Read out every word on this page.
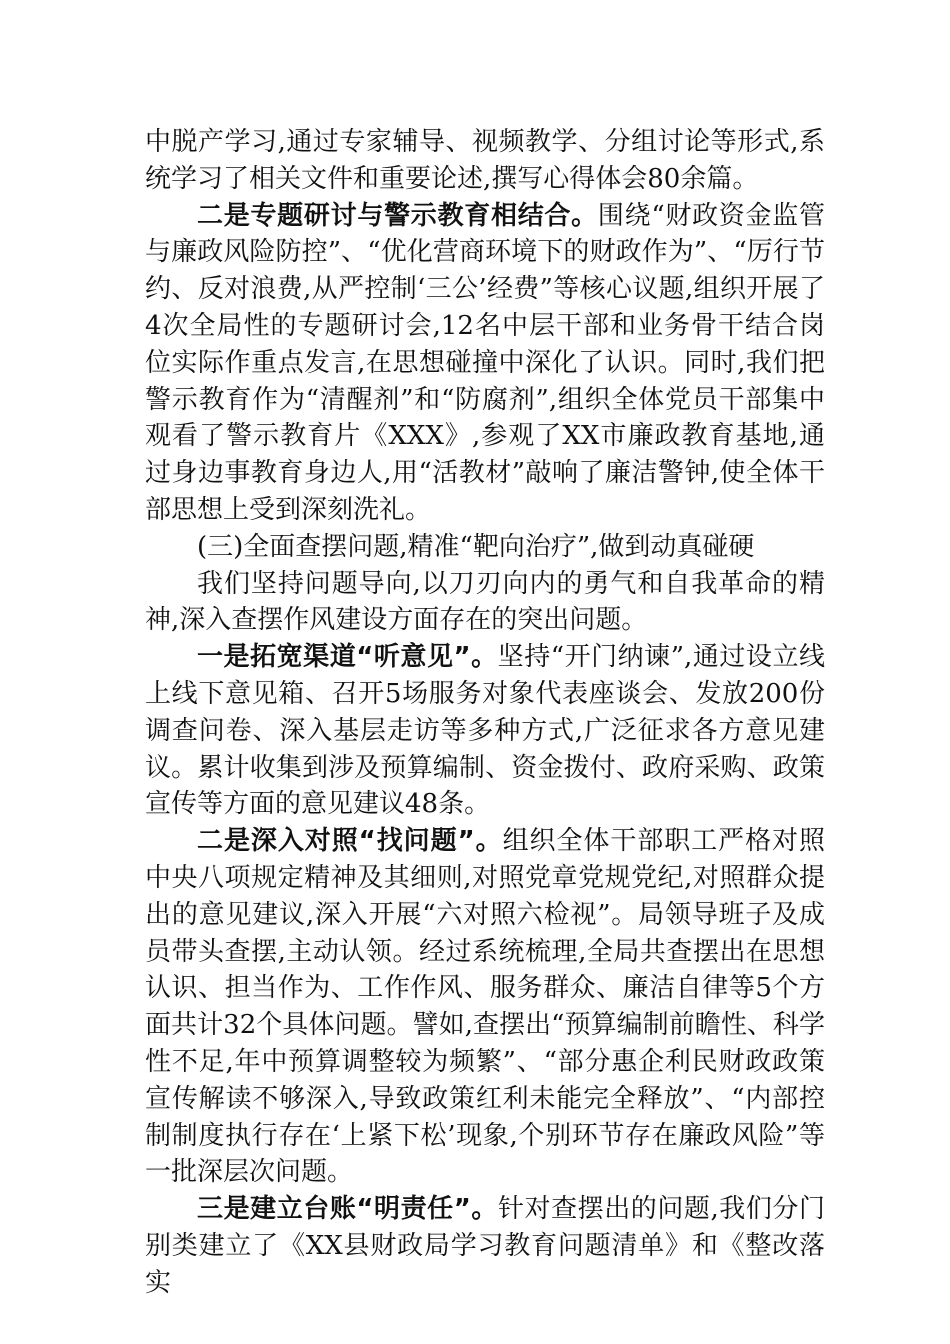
中脱产学习,通过专家辅导、视频教学、分组讨论等形式,系统学习了相关文件和重要论述,撰写心得体会80余篇。

二是专题研讨与警示教育相结合。围绕“财政资金监管与廉政风险防控”、“优化营商环境下的财政作为”、“厉行节约、反对浪费,从严控制‘三公’经费”等核心议题,组织开展了4次全局性的专题研讨会,12名中层干部和业务骨干结合岗位实际作重点发言,在思想碰撞中深化了认识。同时,我们把警示教育作为“清醒剂”和“防腐剂”,组织全体党员干部集中观看了警示教育片《XXX》,参观了XX市廉政教育基地,通过身边事教育身边人,用“活教材”敲响了廉洁警钟,使全体干部思想上受到深刻洗礼。

(三)全面查摆问题,精准“靶向治疗”,做到动真碰硬

我们坚持问题导向,以刀刃向内的勇气和自我革命的精神,深入查摆作风建设方面存在的突出问题。

一是拓宽渠道“听意见”。坚持“开门纳谏”,通过设立线上线下意见箱、召开5场服务对象代表座谈会、发放200份调查问卷、深入基层走访等多种方式,广泛征求各方意见建议。累计收集到涉及预算编制、资金拨付、政府采购、政策宣传等方面的意见建议48条。

二是深入对照“找问题”。组织全体干部职工严格对照中央八项规定精神及其细则,对照党章党规党纪,对照群众提出的意见建议,深入开展“六对照六检视”。局领导班子及成员带头查摆,主动认领。经过系统梳理,全局共查摆出在思想认识、担当作为、工作作风、服务群众、廉洁自律等5个方面共计32个具体问题。譬如,查摆出“预算编制前瞻性、科学性不足,年中预算调整较为频繁”、“部分惠企利民财政政策宣传解读不够深入,导致政策红利未能完全释放”、“内部控制制度执行存在‘上紧下松’现象,个别环节存在廉政风险”等一批深层次问题。

三是建立台账“明责任”。针对查摆出的问题,我们分门别类建立了《XX县财政局学习教育问题清单》和《整改落实
